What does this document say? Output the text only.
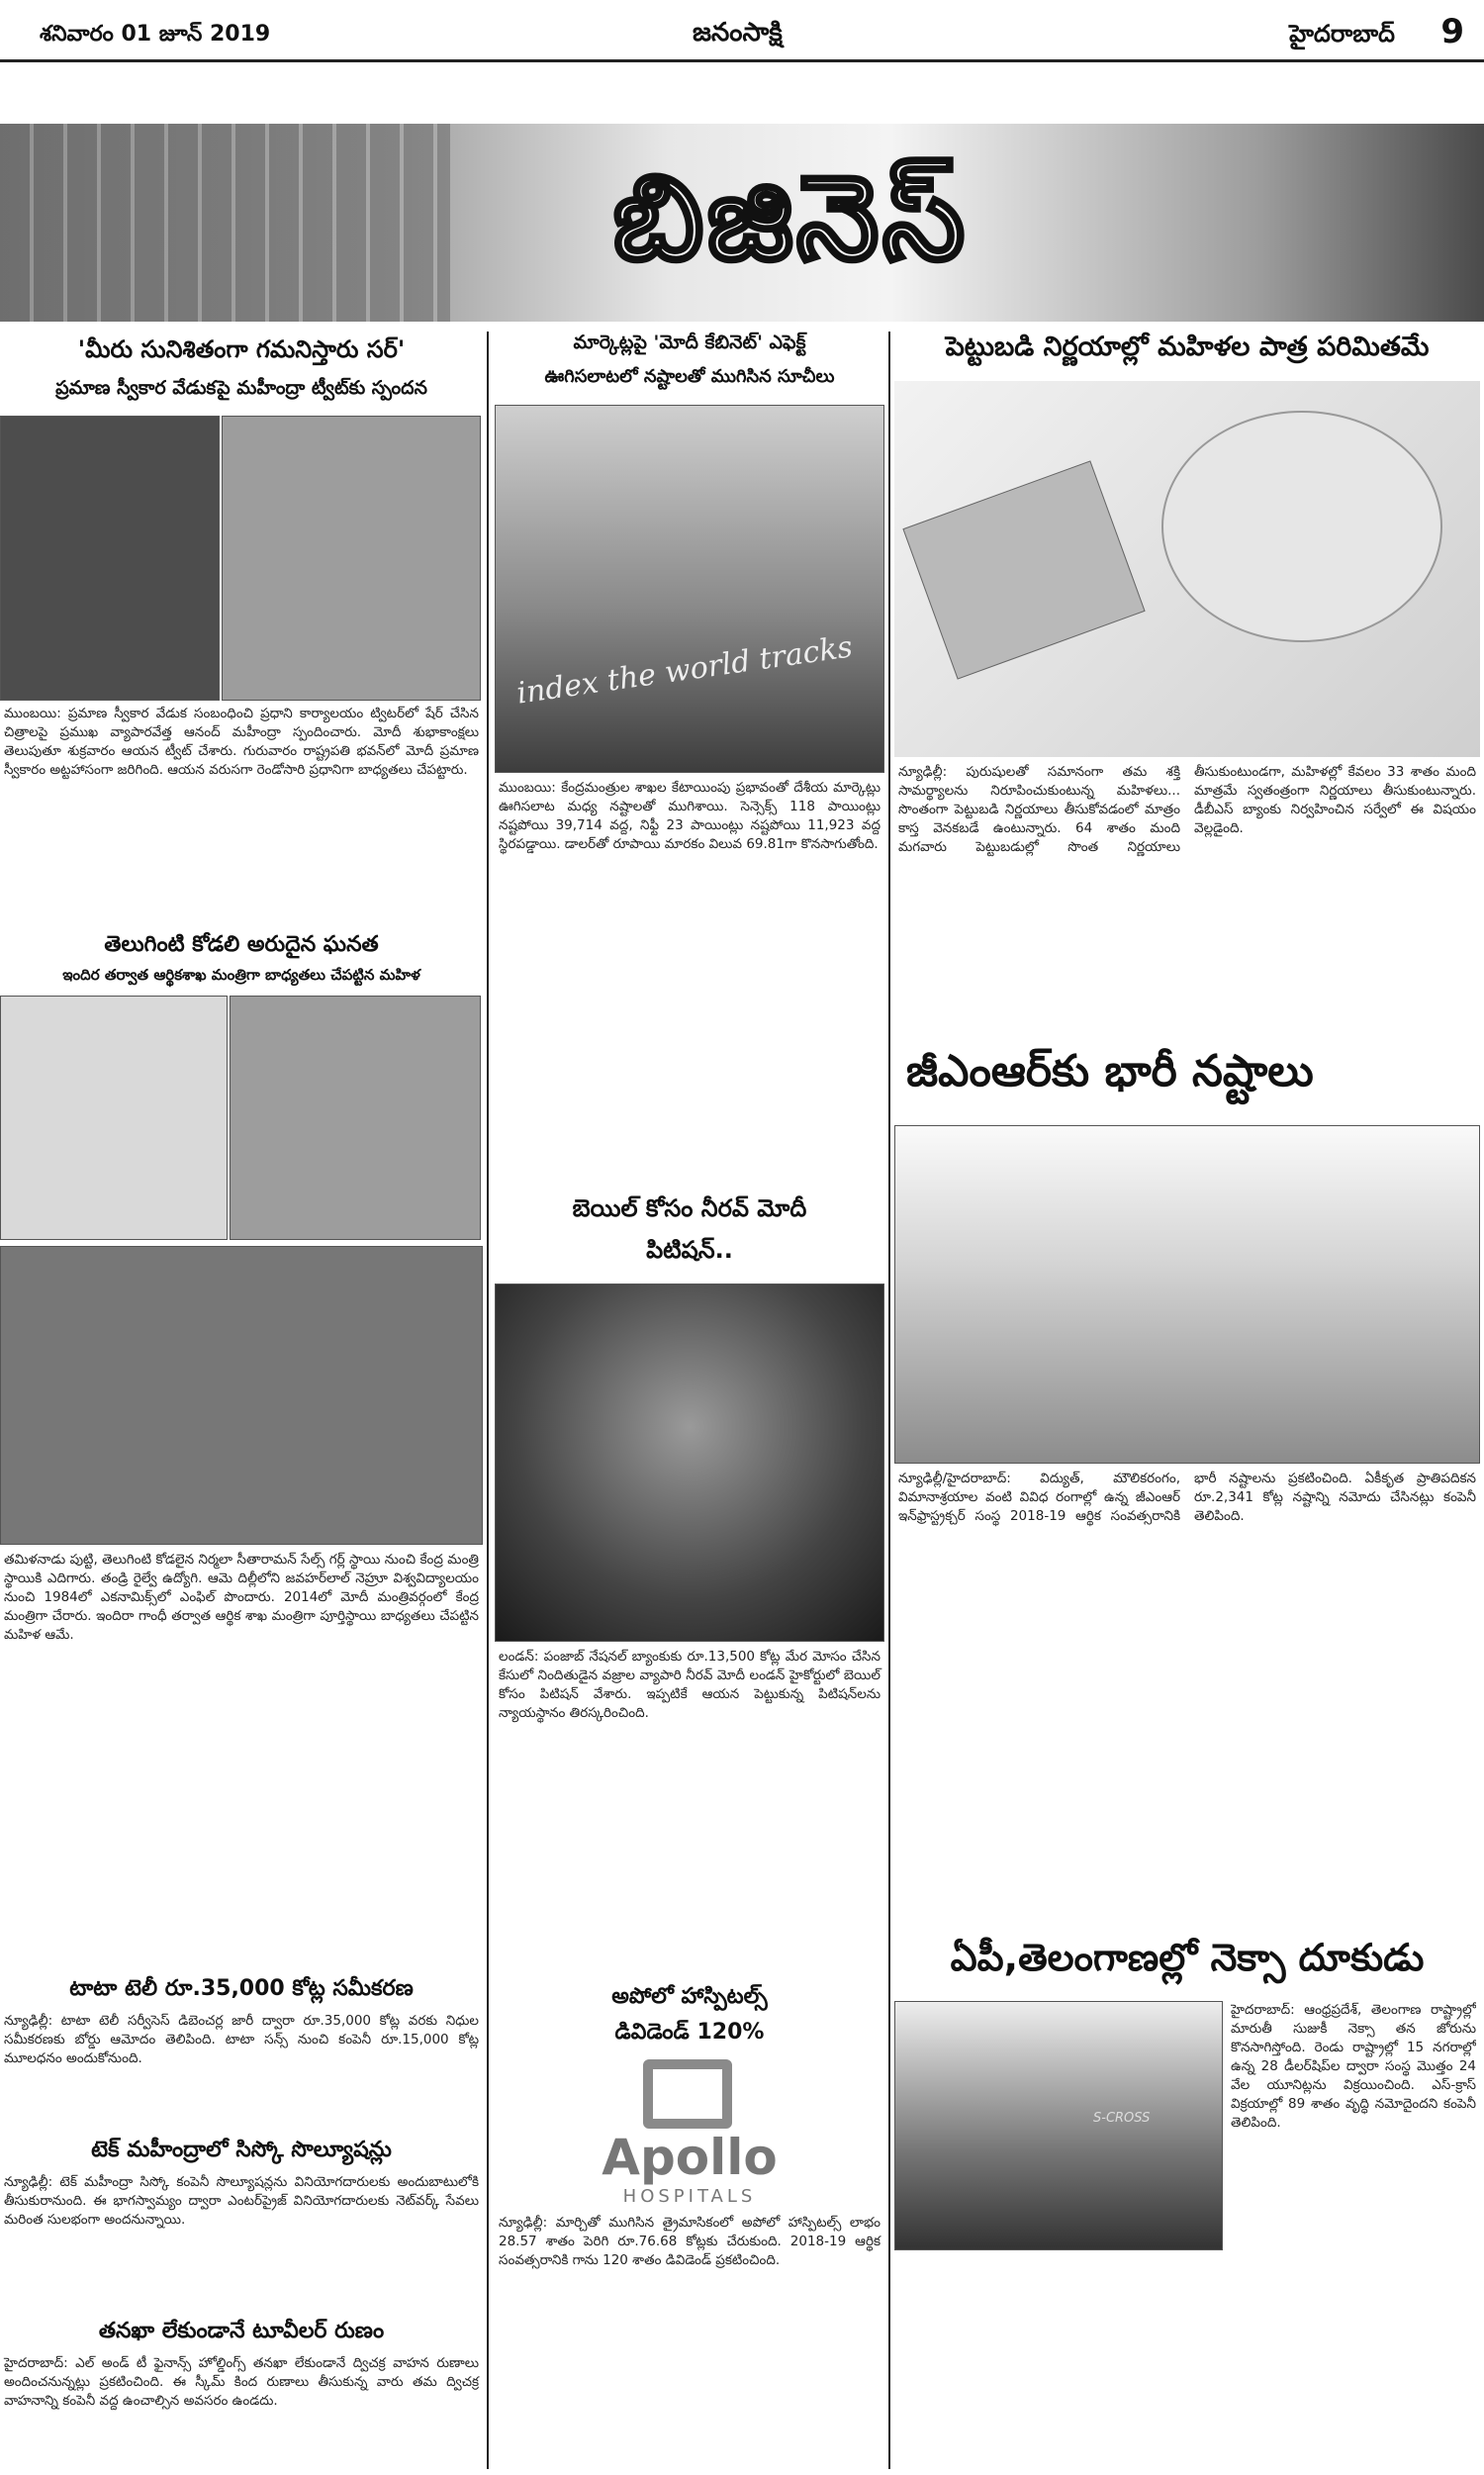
శనివారం 01 జూన్ 2019	జనంసాక్షి	హైదరాబాద్ 9
బిజినెస్
'మీరు సునిశితంగా గమనిస్తారు సర్'
ప్రమాణ స్వీకార వేడుకపై మహీంద్రా ట్వీట్‌కు స్పందన
ముంబయి: ప్రమాణ స్వీకార వేడుక సంబంధించి ప్రధాని కార్యాలయం ట్విటర్‌లో షేర్‌ చేసిన చిత్రాలపై ప్రముఖ వ్యాపారవేత్త ఆనంద్‌ మహీంద్రా స్పందించారు. మోదీ శుభాకాంక్షలు తెలుపుతూ శుక్రవారం ఆయన ట్వీట్‌ చేశారు. గురువారం రాష్ట్రపతి భవన్‌లో మోదీ ప్రమాణ స్వీకారం అట్టహాసంగా జరిగింది. ఆయన వరుసగా రెండోసారి ప్రధానిగా బాధ్యతలు చేపట్టారు.
తెలుగింటి కోడలి అరుదైన ఘనత
ఇందిర తర్వాత ఆర్థికశాఖ మంత్రిగా బాధ్యతలు చేపట్టిన మహిళ
తమిళనాడు పుట్టి, తెలుగింటి కోడలైన నిర్మలా సీతారామన్‌ సేల్స్‌ గర్ల్‌ స్థాయి నుంచి కేంద్ర మంత్రి స్థాయికి ఎదిగారు. తండ్రి రైల్వే ఉద్యోగి. ఆమె దిల్లీలోని జవహర్‌లాల్‌ నెహ్రూ విశ్వవిద్యాలయం నుంచి 1984లో ఎకనామిక్స్‌లో ఎంఫిల్‌ పొందారు. 2014లో మోదీ మంత్రివర్గంలో కేంద్ర మంత్రిగా చేరారు. ఇందిరా గాంధీ తర్వాత ఆర్థిక శాఖ మంత్రిగా పూర్తిస్థాయి బాధ్యతలు చేపట్టిన మహిళ ఆమే.
టాటా టెలీ రూ.35,000 కోట్ల సమీకరణ
న్యూఢిల్లీ: టాటా టెలీ సర్వీసెస్‌ డిబెంచర్ల జారీ ద్వారా రూ.35,000 కోట్ల వరకు నిధుల సమీకరణకు బోర్డు ఆమోదం తెలిపింది. టాటా సన్స్‌ నుంచి కంపెనీ రూ.15,000 కోట్ల మూలధనం అందుకోనుంది.
టెక్‌ మహీంద్రాలో సిస్కో సొల్యూషన్లు
న్యూఢిల్లీ: టెక్‌ మహీంద్రా సిస్కో కంపెనీ సొల్యూషన్లను వినియోగదారులకు అందుబాటులోకి తీసుకురానుంది. ఈ భాగస్వామ్యం ద్వారా ఎంటర్‌ప్రైజ్‌ వినియోగదారులకు నెట్‌వర్క్‌ సేవలు మరింత సులభంగా అందనున్నాయి.
తనఖా లేకుండానే టూవీలర్ రుణం
హైదరాబాద్‌: ఎల్‌ అండ్‌ టీ ఫైనాన్స్‌ హోల్డింగ్స్‌ తనఖా లేకుండానే ద్విచక్ర వాహన రుణాలు అందించనున్నట్లు ప్రకటించింది. ఈ స్కీమ్‌ కింద రుణాలు తీసుకున్న వారు తమ ద్విచక్ర వాహనాన్ని కంపెనీ వద్ద ఉంచాల్సిన అవసరం ఉండదు.
మార్కెట్లపై 'మోదీ కేబినెట్' ఎఫెక్ట్
ఊగిసలాటలో నష్టాలతో ముగిసిన సూచీలు
index the world tracks
ముంబయి: కేంద్రమంత్రుల శాఖల కేటాయింపు ప్రభావంతో దేశీయ మార్కెట్లు ఊగిసలాట మధ్య నష్టాలతో ముగిశాయి. సెన్సెక్స్‌ 118 పాయింట్లు నష్టపోయి 39,714 వద్ద, నిఫ్టీ 23 పాయింట్లు నష్టపోయి 11,923 వద్ద స్థిరపడ్డాయి. డాలర్‌తో రూపాయి మారకం విలువ 69.81గా కొనసాగుతోంది.
బెయిల్‌ కోసం నీరవ్‌ మోదీ
పిటిషన్‌..
లండన్‌: పంజాబ్‌ నేషనల్‌ బ్యాంకుకు రూ.13,500 కోట్ల మేర మోసం చేసిన కేసులో నిందితుడైన వజ్రాల వ్యాపారి నీరవ్‌ మోదీ లండన్‌ హైకోర్టులో బెయిల్‌ కోసం పిటిషన్‌ వేశారు. ఇప్పటికే ఆయన పెట్టుకున్న పిటిషన్‌లను న్యాయస్థానం తిరస్కరించింది.
అపోలో హాస్పిటల్స్‌
డివిడెండ్‌ 120%
Apollo
HOSPITALS
న్యూఢిల్లీ: మార్చితో ముగిసిన త్రైమాసికంలో అపోలో హాస్పిటల్స్‌ లాభం 28.57 శాతం పెరిగి రూ.76.68 కోట్లకు చేరుకుంది. 2018-19 ఆర్థిక సంవత్సరానికి గాను 120 శాతం డివిడెండ్‌ ప్రకటించింది.
పెట్టుబడి నిర్ణయాల్లో మహిళల పాత్ర పరిమితమే
న్యూఢిల్లీ: పురుషులతో సమానంగా తమ శక్తి సామర్థ్యాలను నిరూపించుకుంటున్న మహిళలు... సొంతంగా పెట్టుబడి నిర్ణయాలు తీసుకోవడంలో మాత్రం కాస్త వెనకబడే ఉంటున్నారు. 64 శాతం మంది మగవారు పెట్టుబడుల్లో సొంత నిర్ణయాలు తీసుకుంటుండగా, మహిళల్లో కేవలం 33 శాతం మంది మాత్రమే స్వతంత్రంగా నిర్ణయాలు తీసుకుంటున్నారు. డీబీఎస్‌ బ్యాంకు నిర్వహించిన సర్వేలో ఈ విషయం వెల్లడైంది.
జీఎంఆర్‌కు భారీ నష్టాలు
న్యూఢిల్లీ/హైదరాబాద్‌: విద్యుత్‌, మౌలికరంగం, విమానాశ్రయాల వంటి వివిధ రంగాల్లో ఉన్న జీఎంఆర్‌ ఇన్‌ఫ్రాస్ట్రక్చర్‌ సంస్థ 2018-19 ఆర్థిక సంవత్సరానికి భారీ నష్టాలను ప్రకటించింది. ఏకీకృత ప్రాతిపదికన రూ.2,341 కోట్ల నష్టాన్ని నమోదు చేసినట్లు కంపెనీ తెలిపింది.
ఏపీ,తెలంగాణల్లో నెక్సా దూకుడు
S-CROSS
హైదరాబాద్‌: ఆంధ్రప్రదేశ్‌, తెలంగాణ రాష్ట్రాల్లో మారుతీ సుజుకీ నెక్సా తన జోరును కొనసాగిస్తోంది. రెండు రాష్ట్రాల్లో 15 నగరాల్లో ఉన్న 28 డీలర్‌షిప్‌ల ద్వారా సంస్థ మొత్తం 24 వేల యూనిట్లను విక్రయించింది. ఎస్‌-క్రాస్‌ విక్రయాల్లో 89 శాతం వృద్ధి నమోదైందని కంపెనీ తెలిపింది.
